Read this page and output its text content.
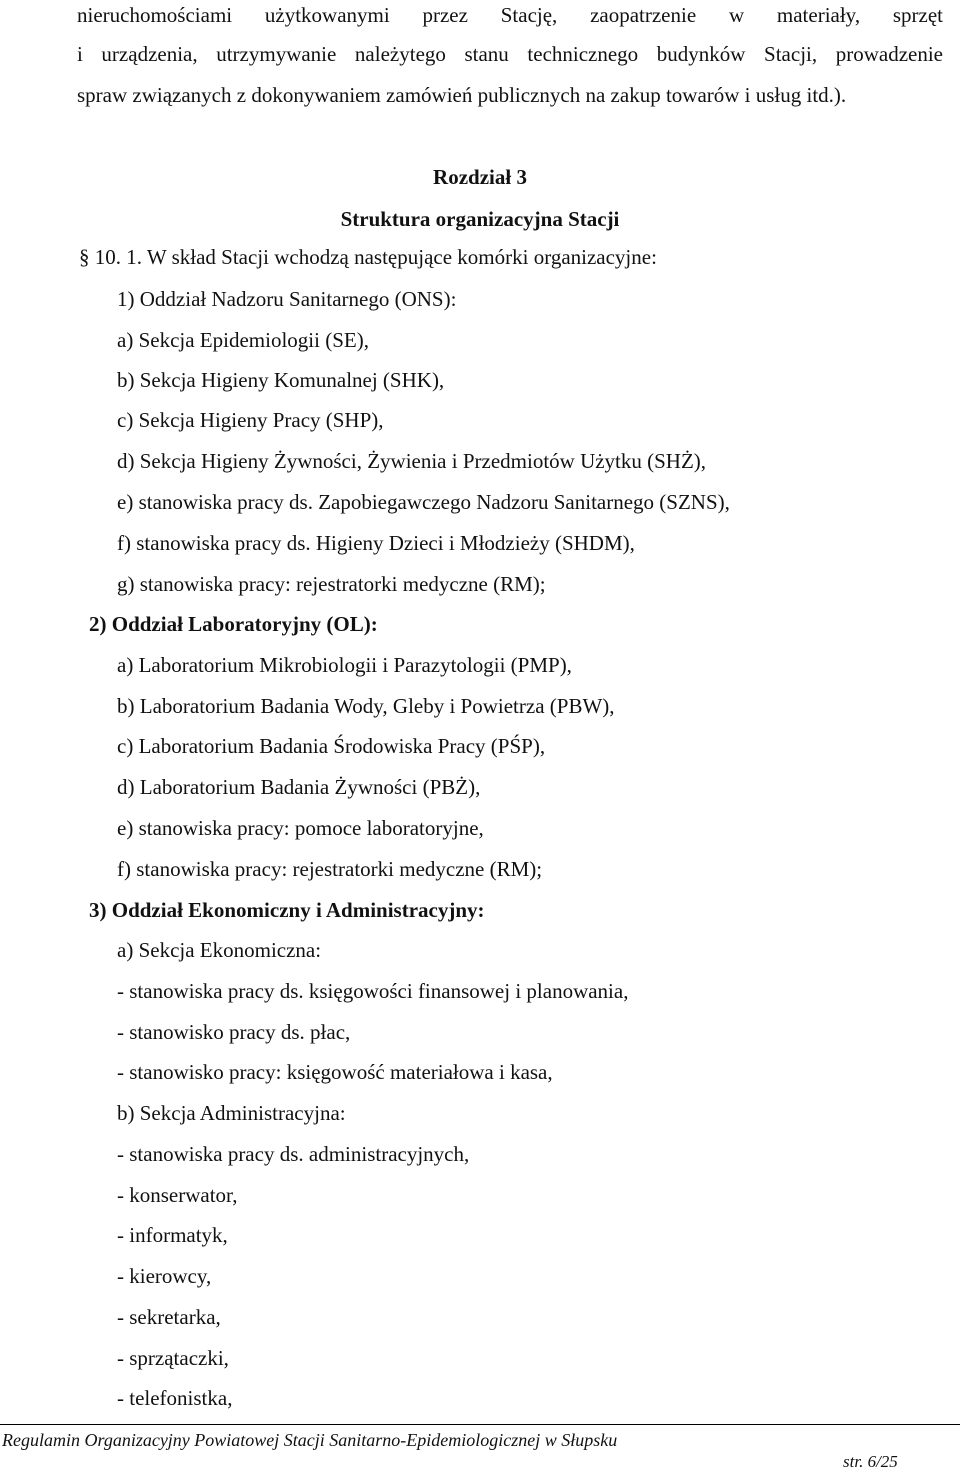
nieruchomościami użytkowanymi przez Stację, zaopatrzenie w materiały, sprzęt
i urządzenia, utrzymywanie należytego stanu technicznego budynków Stacji, prowadzenie
spraw związanych z dokonywaniem zamówień publicznych na zakup towarów i usług itd.).
Rozdział 3
Struktura organizacyjna Stacji
§ 10. 1. W skład Stacji wchodzą następujące komórki organizacyjne:
1) Oddział Nadzoru Sanitarnego (ONS):
a) Sekcja Epidemiologii (SE),
b) Sekcja Higieny Komunalnej (SHK),
c) Sekcja Higieny Pracy (SHP),
d) Sekcja Higieny Żywności, Żywienia i Przedmiotów Użytku (SHŻ),
e) stanowiska pracy ds. Zapobiegawczego Nadzoru Sanitarnego (SZNS),
f) stanowiska pracy ds. Higieny Dzieci i Młodzieży (SHDM),
g) stanowiska pracy: rejestratorki medyczne (RM);
2) Oddział Laboratoryjny (OL):
a) Laboratorium Mikrobiologii i Parazytologii (PMP),
b) Laboratorium Badania Wody, Gleby i Powietrza (PBW),
c) Laboratorium Badania Środowiska Pracy (PŚP),
d) Laboratorium Badania Żywności (PBŻ),
e) stanowiska pracy: pomoce laboratoryjne,
f) stanowiska pracy: rejestratorki medyczne (RM);
3) Oddział Ekonomiczny i Administracyjny:
a) Sekcja Ekonomiczna:
- stanowiska pracy ds. księgowości finansowej i planowania,
- stanowisko pracy ds. płac,
- stanowisko pracy: księgowość materiałowa i kasa,
b) Sekcja Administracyjna:
- stanowiska pracy ds. administracyjnych,
- konserwator,
- informatyk,
- kierowcy,
- sekretarka,
- sprzątaczki,
- telefonistka,
Regulamin Organizacyjny Powiatowej Stacji Sanitarno-Epidemiologicznej w Słupsku
str. 6/25
